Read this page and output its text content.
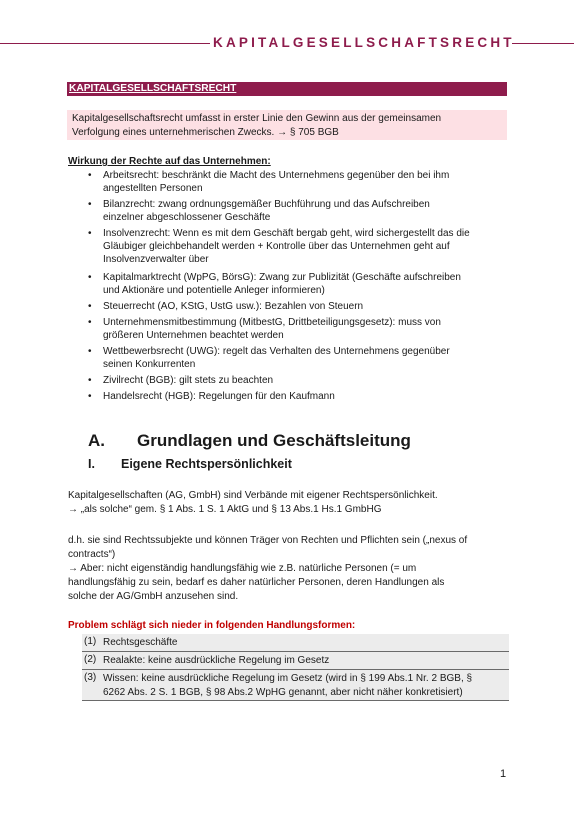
KAPITALGESELLSCHAFTSRECHT
KAPITALGESELLSCHAFTSRECHT
Kapitalgesellschaftsrecht umfasst in erster Linie den Gewinn aus der gemeinsamen
Verfolgung eines unternehmerischen Zwecks. → § 705 BGB
Wirkung der Rechte auf das Unternehmen:
• Arbeitsrecht: beschränkt die Macht des Unternehmens gegenüber den bei ihm
angestellten Personen
• Bilanzrecht: zwang ordnungsgemäßer Buchführung und das Aufschreiben
einzelner abgeschlossener Geschäfte
• Insolvenzrecht: Wenn es mit dem Geschäft bergab geht, wird sichergestellt das die
Gläubiger gleichbehandelt werden + Kontrolle über das Unternehmen geht auf
Insolvenzverwalter über
• Kapitalmarktrecht (WpPG, BörsG): Zwang zur Publizität (Geschäfte aufschreiben
und Aktionäre und potentielle Anleger informieren)
• Steuerrecht (AO, KStG, UstG usw.): Bezahlen von Steuern
• Unternehmensmitbestimmung (MitbestG, Drittbeteiligungsgesetz): muss von
größeren Unternehmen beachtet werden
• Wettbewerbsrecht (UWG): regelt das Verhalten des Unternehmens gegenüber
seinen Konkurrenten
• Zivilrecht (BGB): gilt stets zu beachten
• Handelsrecht (HGB): Regelungen für den Kaufmann
A. Grundlagen und Geschäftsleitung
I. Eigene Rechtspersönlichkeit
Kapitalgesellschaften (AG, GmbH) sind Verbände mit eigener Rechtspersönlichkeit.
→ „als solche“ gem. § 1 Abs. 1 S. 1 AktG und § 13 Abs.1 Hs.1 GmbHG
d.h. sie sind Rechtssubjekte und können Träger von Rechten und Pflichten sein („nexus of
contracts“)
→ Aber: nicht eigenständig handlungsfähig wie z.B. natürliche Personen (= um
handlungsfähig zu sein, bedarf es daher natürlicher Personen, deren Handlungen als
solche der AG/GmbH anzusehen sind.
Problem schlägt sich nieder in folgenden Handlungsformen:
(1) Rechtsgeschäfte
(2) Realakte: keine ausdrückliche Regelung im Gesetz
(3) Wissen: keine ausdrückliche Regelung im Gesetz (wird in § 199 Abs.1 Nr. 2 BGB, §
6262 Abs. 2 S. 1 BGB, § 98 Abs.2 WpHG genannt, aber nicht näher konkretisiert)
1
